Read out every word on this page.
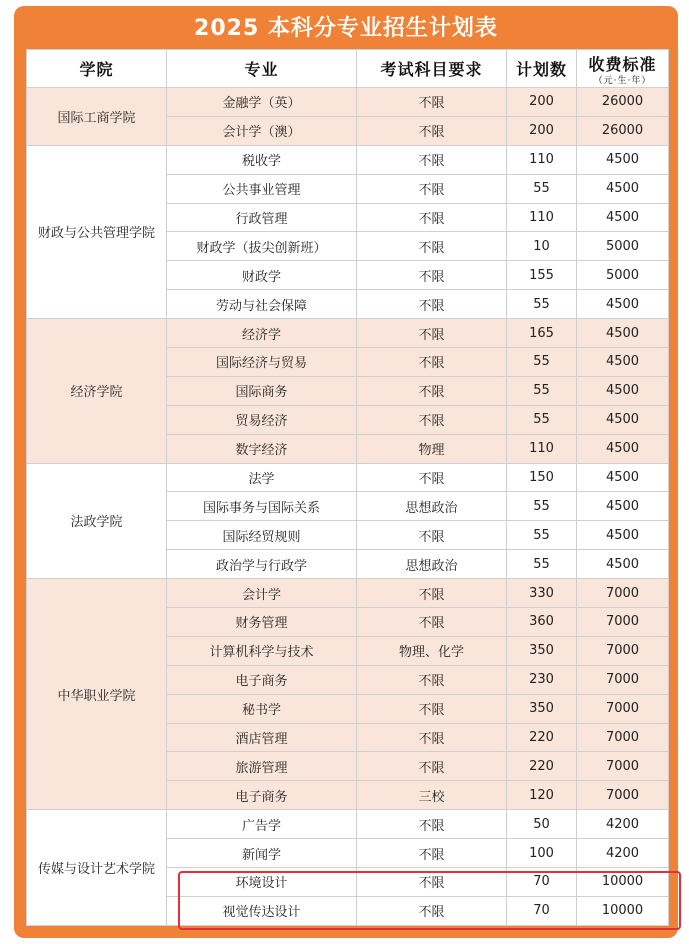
2025 本科分专业招生计划表
学院	专业	考试科目要求	计划数	收费标准
（元·生·年）

国际工商学院	金融学（英）	不限	200	26000
	会计学（澳）	不限	200	26000
财政与公共管理学院	税收学	不限	110	4500
	公共事业管理	不限	55	4500
	行政管理	不限	110	4500
	财政学（拔尖创新班）	不限	10	5000
	财政学	不限	155	5000
	劳动与社会保障	不限	55	4500
经济学院	经济学	不限	165	4500
	国际经济与贸易	不限	55	4500
	国际商务	不限	55	4500
	贸易经济	不限	55	4500
	数字经济	物理	110	4500
法政学院	法学	不限	150	4500
	国际事务与国际关系	思想政治	55	4500
	国际经贸规则	不限	55	4500
	政治学与行政学	思想政治	55	4500
中华职业学院	会计学	不限	330	7000
	财务管理	不限	360	7000
	计算机科学与技术	物理、化学	350	7000
	电子商务	不限	230	7000
	秘书学	不限	350	7000
	酒店管理	不限	220	7000
	旅游管理	不限	220	7000
	电子商务	三校	120	7000
传媒与设计艺术学院	广告学	不限	50	4200
	新闻学	不限	100	4200
	环境设计	不限	70	10000
	视觉传达设计	不限	70	10000
